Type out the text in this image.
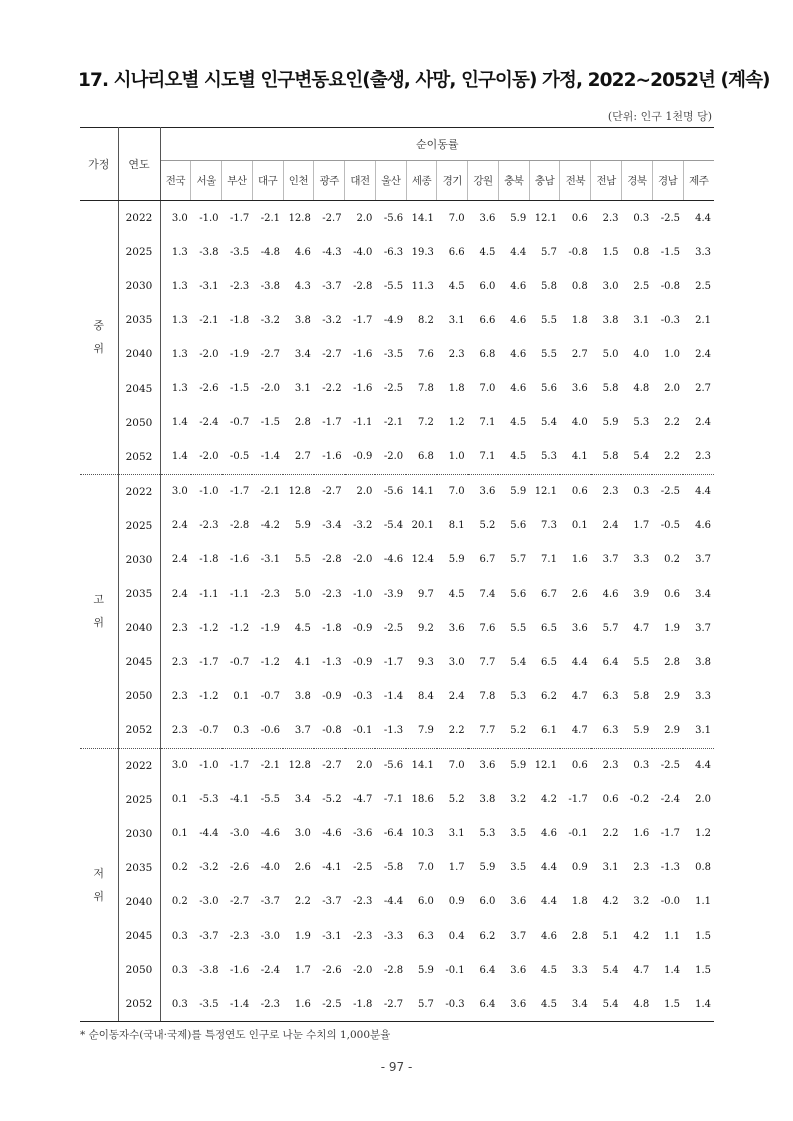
17. 시나리오별 시도별 인구변동요인(출생, 사망, 인구이동) 가정, 2022~2052년 (계속)
(단위: 인구 1천명 당)
가정	연도	순이동률																	
		전국	서울	부산	대구	인천	광주	대전	울산	세종	경기	강원	충북	충남	전북	전남	경북	경남	제주

중
위	2022	3.0	-1.0	-1.7	-2.1	12.8	-2.7	2.0	-5.6	14.1	7.0	3.6	5.9	12.1	0.6	2.3	0.3	-2.5	4.4
	2025	1.3	-3.8	-3.5	-4.8	4.6	-4.3	-4.0	-6.3	19.3	6.6	4.5	4.4	5.7	-0.8	1.5	0.8	-1.5	3.3
	2030	1.3	-3.1	-2.3	-3.8	4.3	-3.7	-2.8	-5.5	11.3	4.5	6.0	4.6	5.8	0.8	3.0	2.5	-0.8	2.5
	2035	1.3	-2.1	-1.8	-3.2	3.8	-3.2	-1.7	-4.9	8.2	3.1	6.6	4.6	5.5	1.8	3.8	3.1	-0.3	2.1
	2040	1.3	-2.0	-1.9	-2.7	3.4	-2.7	-1.6	-3.5	7.6	2.3	6.8	4.6	5.5	2.7	5.0	4.0	1.0	2.4
	2045	1.3	-2.6	-1.5	-2.0	3.1	-2.2	-1.6	-2.5	7.8	1.8	7.0	4.6	5.6	3.6	5.8	4.8	2.0	2.7
	2050	1.4	-2.4	-0.7	-1.5	2.8	-1.7	-1.1	-2.1	7.2	1.2	7.1	4.5	5.4	4.0	5.9	5.3	2.2	2.4
	2052	1.4	-2.0	-0.5	-1.4	2.7	-1.6	-0.9	-2.0	6.8	1.0	7.1	4.5	5.3	4.1	5.8	5.4	2.2	2.3

고
위	2022	3.0	-1.0	-1.7	-2.1	12.8	-2.7	2.0	-5.6	14.1	7.0	3.6	5.9	12.1	0.6	2.3	0.3	-2.5	4.4
	2025	2.4	-2.3	-2.8	-4.2	5.9	-3.4	-3.2	-5.4	20.1	8.1	5.2	5.6	7.3	0.1	2.4	1.7	-0.5	4.6
	2030	2.4	-1.8	-1.6	-3.1	5.5	-2.8	-2.0	-4.6	12.4	5.9	6.7	5.7	7.1	1.6	3.7	3.3	0.2	3.7
	2035	2.4	-1.1	-1.1	-2.3	5.0	-2.3	-1.0	-3.9	9.7	4.5	7.4	5.6	6.7	2.6	4.6	3.9	0.6	3.4
	2040	2.3	-1.2	-1.2	-1.9	4.5	-1.8	-0.9	-2.5	9.2	3.6	7.6	5.5	6.5	3.6	5.7	4.7	1.9	3.7
	2045	2.3	-1.7	-0.7	-1.2	4.1	-1.3	-0.9	-1.7	9.3	3.0	7.7	5.4	6.5	4.4	6.4	5.5	2.8	3.8
	2050	2.3	-1.2	0.1	-0.7	3.8	-0.9	-0.3	-1.4	8.4	2.4	7.8	5.3	6.2	4.7	6.3	5.8	2.9	3.3
	2052	2.3	-0.7	0.3	-0.6	3.7	-0.8	-0.1	-1.3	7.9	2.2	7.7	5.2	6.1	4.7	6.3	5.9	2.9	3.1

저
위	2022	3.0	-1.0	-1.7	-2.1	12.8	-2.7	2.0	-5.6	14.1	7.0	3.6	5.9	12.1	0.6	2.3	0.3	-2.5	4.4
	2025	0.1	-5.3	-4.1	-5.5	3.4	-5.2	-4.7	-7.1	18.6	5.2	3.8	3.2	4.2	-1.7	0.6	-0.2	-2.4	2.0
	2030	0.1	-4.4	-3.0	-4.6	3.0	-4.6	-3.6	-6.4	10.3	3.1	5.3	3.5	4.6	-0.1	2.2	1.6	-1.7	1.2
	2035	0.2	-3.2	-2.6	-4.0	2.6	-4.1	-2.5	-5.8	7.0	1.7	5.9	3.5	4.4	0.9	3.1	2.3	-1.3	0.8
	2040	0.2	-3.0	-2.7	-3.7	2.2	-3.7	-2.3	-4.4	6.0	0.9	6.0	3.6	4.4	1.8	4.2	3.2	-0.0	1.1
	2045	0.3	-3.7	-2.3	-3.0	1.9	-3.1	-2.3	-3.3	6.3	0.4	6.2	3.7	4.6	2.8	5.1	4.2	1.1	1.5
	2050	0.3	-3.8	-1.6	-2.4	1.7	-2.6	-2.0	-2.8	5.9	-0.1	6.4	3.6	4.5	3.3	5.4	4.7	1.4	1.5
	2052	0.3	-3.5	-1.4	-2.3	1.6	-2.5	-1.8	-2.7	5.7	-0.3	6.4	3.6	4.5	3.4	5.4	4.8	1.5	1.4
* 순이동자수(국내·국제)를 특정연도 인구로 나눈 수치의 1,000분율
- 97 -
